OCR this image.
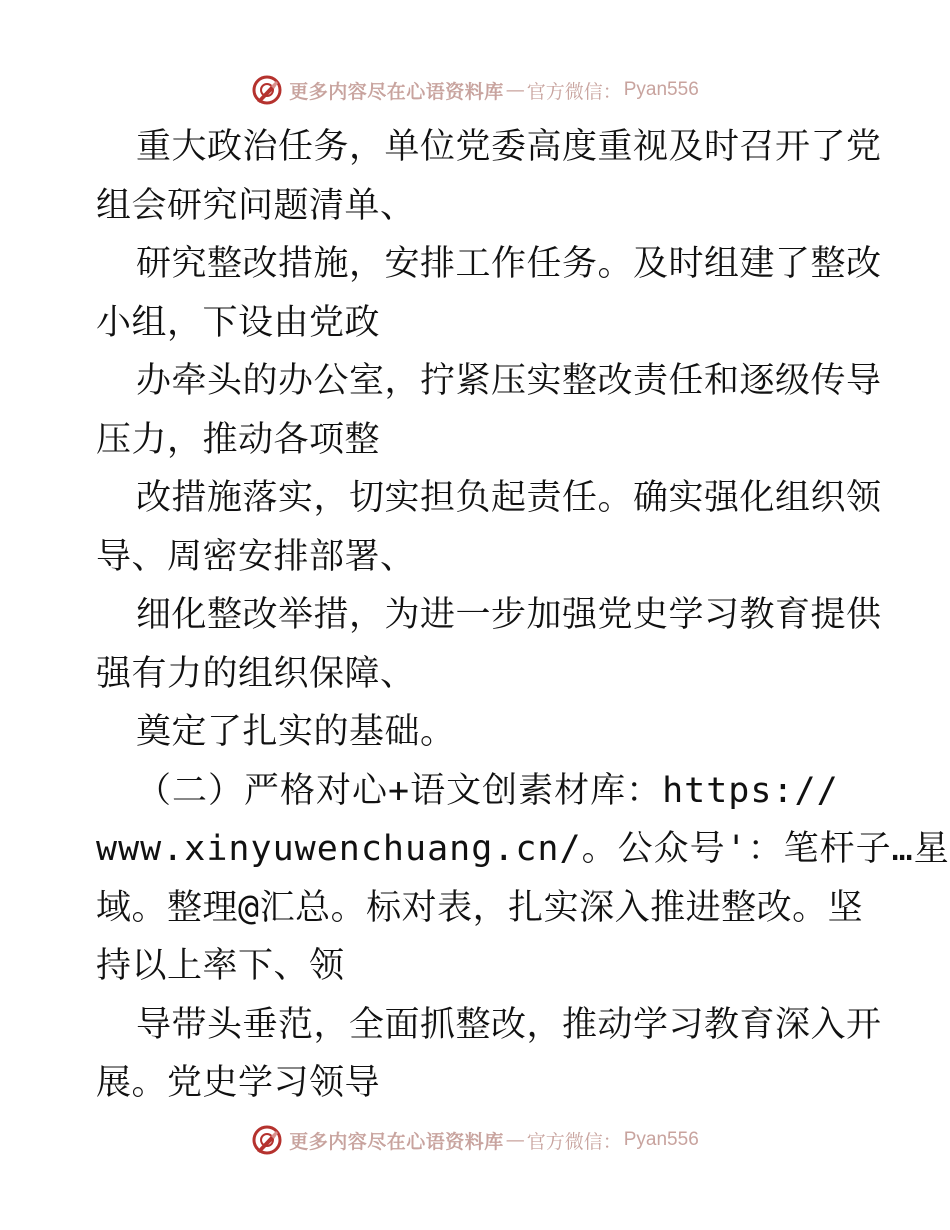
更多内容尽在心语资料库 — 官方微信： Pyan556
重大政治任务，单位党委高度重视及时召开了党
组会研究问题清单、
研究整改措施，安排工作任务。及时组建了整改
小组，下设由党政
办牵头的办公室，拧紧压实整改责任和逐级传导
压力，推动各项整
改措施落实，切实担负起责任。确实强化组织领
导、周密安排部署、
细化整改举措，为进一步加强党史学习教育提供
强有力的组织保障、
奠定了扎实的基础。
（二）严格对心+语文创素材库：https://
www.xinyuwenchuang.cn/。公众号'：笔杆子…星
域。整理@汇总。标对表，扎实深入推进整改。坚
持以上率下、领
导带头垂范，全面抓整改，推动学习教育深入开
展。党史学习领导
更多内容尽在心语资料库 — 官方微信： Pyan556
